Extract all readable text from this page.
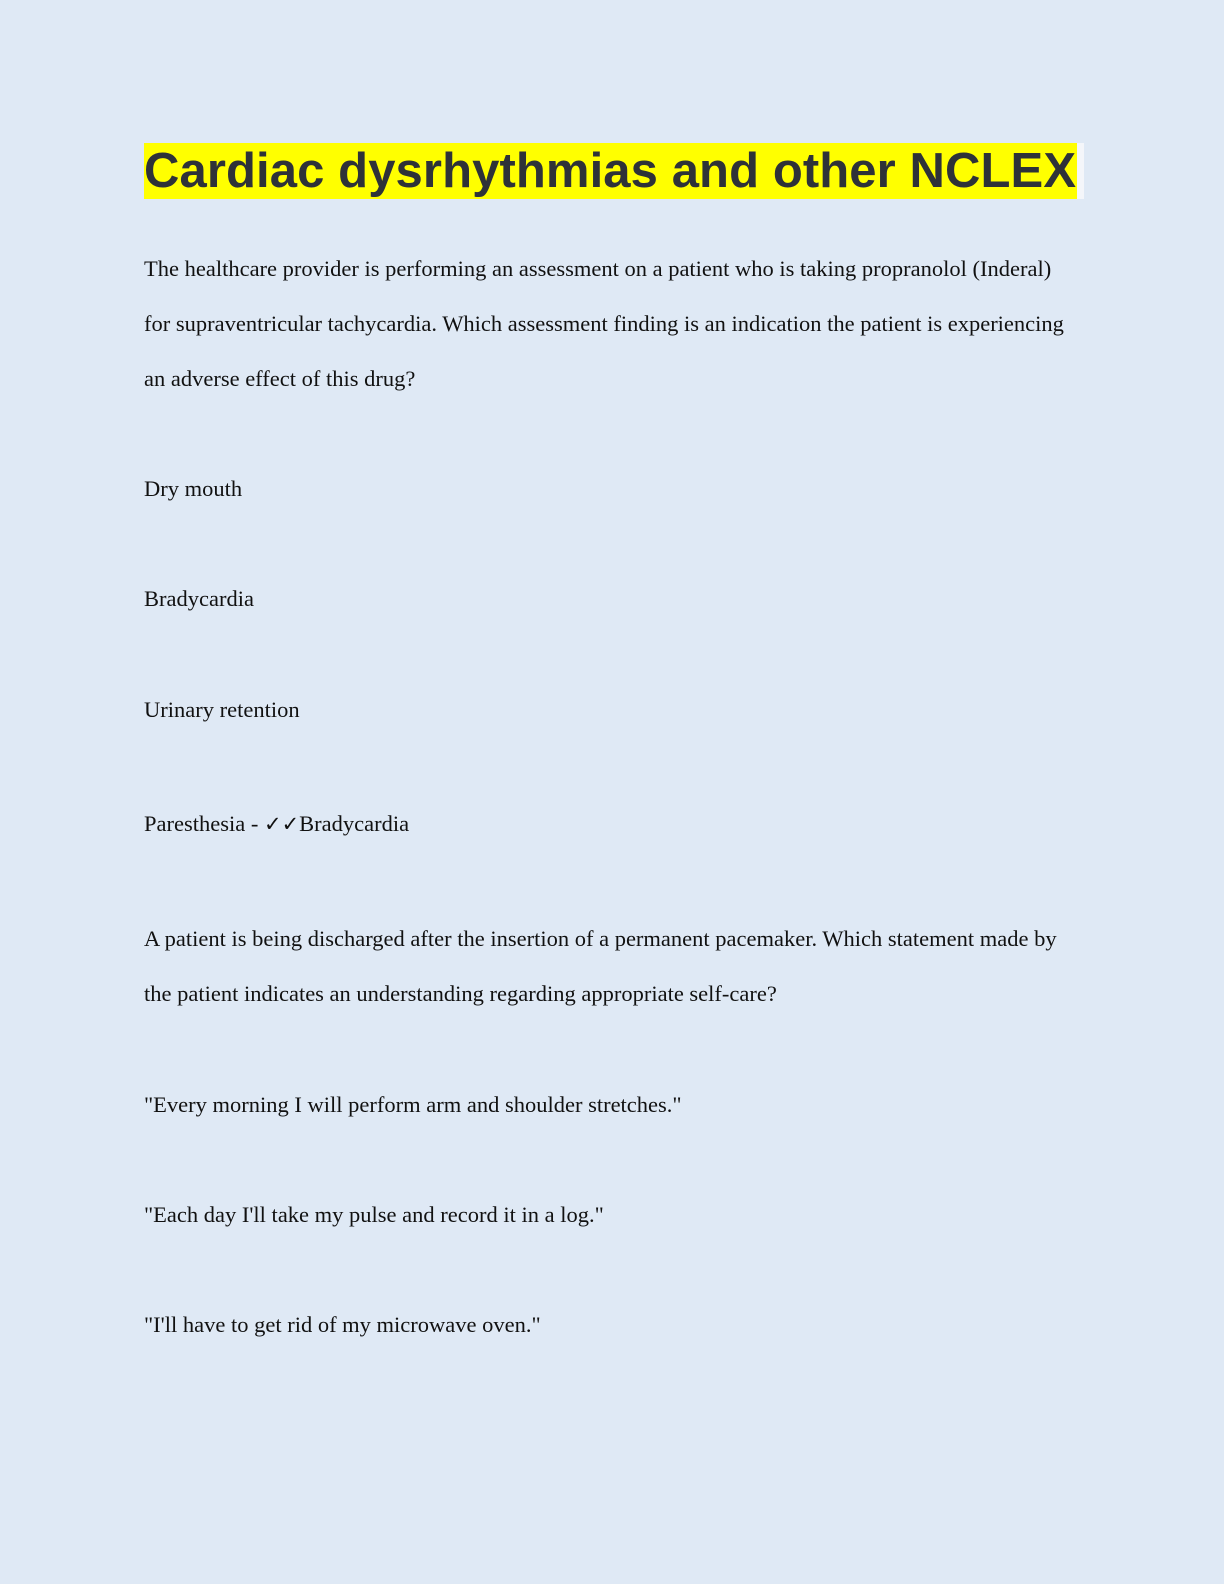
Cardiac dysrhythmias and other NCLEX

The healthcare provider is performing an assessment on a patient who is taking propranolol (Inderal) for supraventricular tachycardia. Which assessment finding is an indication the patient is experiencing an adverse effect of this drug?

Dry mouth

Bradycardia

Urinary retention

Paresthesia - ✓✓Bradycardia

A patient is being discharged after the insertion of a permanent pacemaker. Which statement made by the patient indicates an understanding regarding appropriate self-care?

"Every morning I will perform arm and shoulder stretches."

"Each day I'll take my pulse and record it in a log."

"I'll have to get rid of my microwave oven."
